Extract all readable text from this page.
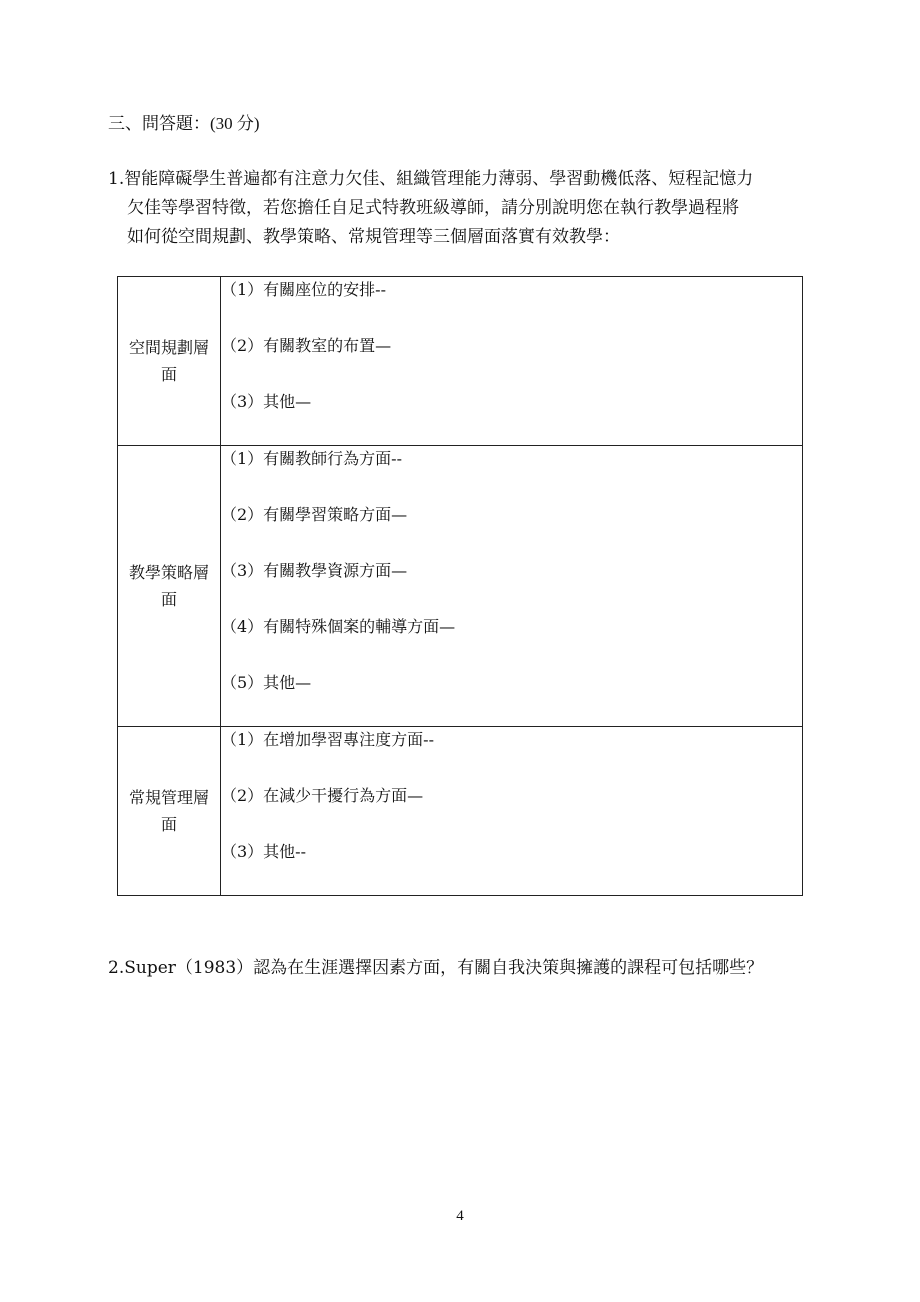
三、問答題：(30 分)
1.智能障礙學生普遍都有注意力欠佳、組織管理能力薄弱、學習動機低落、短程記憶力
欠佳等學習特徵，若您擔任自足式特教班級導師，請分別說明您在執行教學過程將
如何從空間規劃、教學策略、常規管理等三個層面落實有效教學：
空間規劃層面	（1）有關座位的安排--
（2）有關教室的布置—
（3）其他—

教學策略層面	（1）有關教師行為方面--
（2）有關學習策略方面—
（3）有關教學資源方面—
（4）有關特殊個案的輔導方面—
（5）其他—

常規管理層面	（1）在增加學習專注度方面--
（2）在減少干擾行為方面—
（3）其他--
2.Super（1983）認為在生涯選擇因素方面，有關自我決策與擁護的課程可包括哪些？
4
